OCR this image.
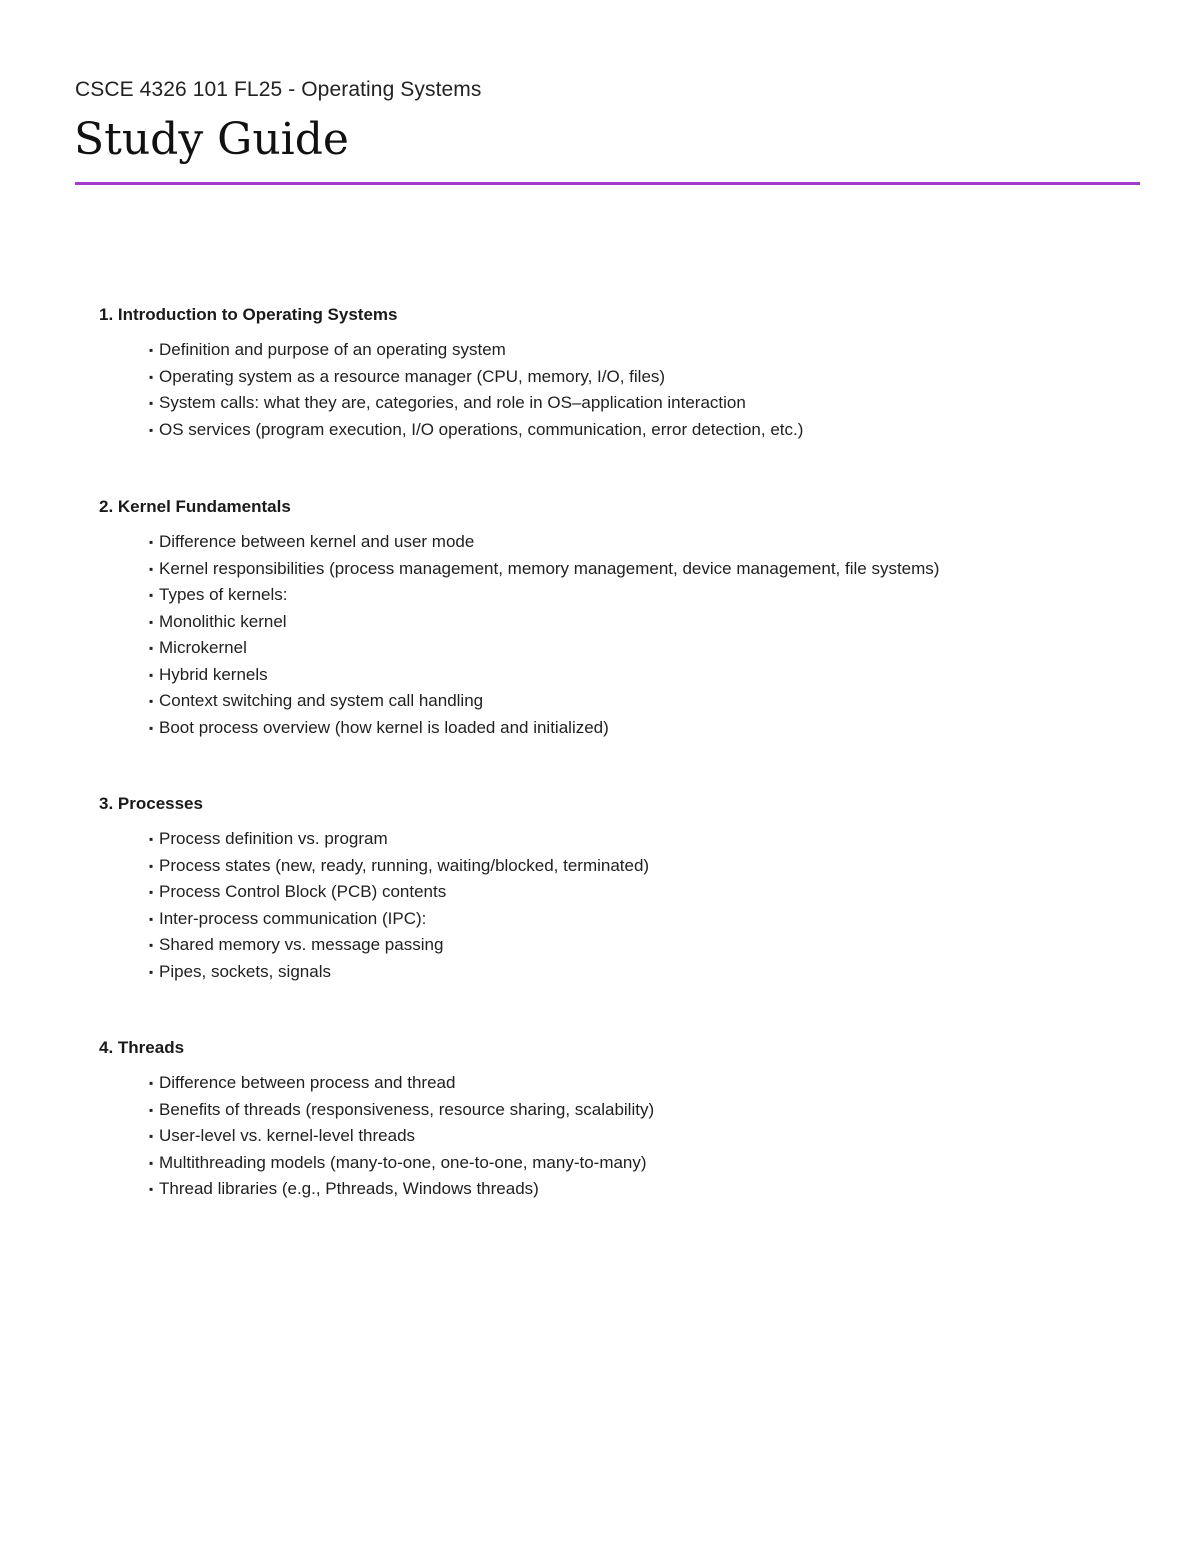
CSCE 4326 101 FL25 - Operating Systems
Study Guide
1. Introduction to Operating Systems
▪ Definition and purpose of an operating system
▪ Operating system as a resource manager (CPU, memory, I/O, files)
▪ System calls: what they are, categories, and role in OS–application interaction
▪ OS services (program execution, I/O operations, communication, error detection, etc.)
2. Kernel Fundamentals
▪ Difference between kernel and user mode
▪ Kernel responsibilities (process management, memory management, device management, file systems)
▪ Types of kernels:
▪ Monolithic kernel
▪ Microkernel
▪ Hybrid kernels
▪ Context switching and system call handling
▪ Boot process overview (how kernel is loaded and initialized)
3. Processes
▪ Process definition vs. program
▪ Process states (new, ready, running, waiting/blocked, terminated)
▪ Process Control Block (PCB) contents
▪ Inter-process communication (IPC):
▪ Shared memory vs. message passing
▪ Pipes, sockets, signals
4. Threads
▪ Difference between process and thread
▪ Benefits of threads (responsiveness, resource sharing, scalability)
▪ User-level vs. kernel-level threads
▪ Multithreading models (many-to-one, one-to-one, many-to-many)
▪ Thread libraries (e.g., Pthreads, Windows threads)
